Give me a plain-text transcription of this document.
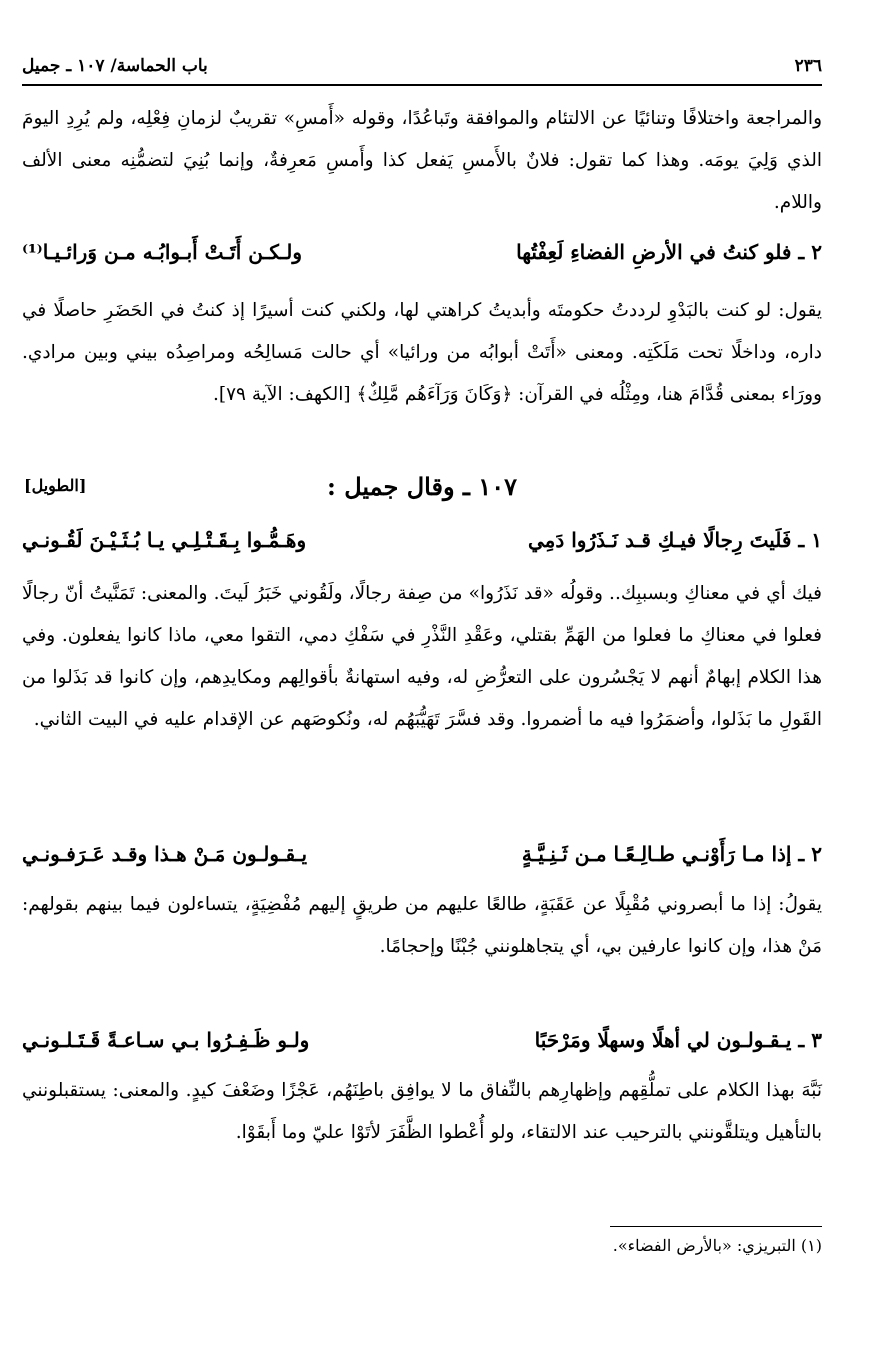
٢٣٦
باب الحماسة/ ١٠٧ ـ جميل
والمراجعة واختلافًا وتنائيًا عن الالتئام والموافقة وتَباعُدًا، وقوله «أَمسِ» تقريبٌ لزمانِ فِعْلِه، ولم يُرِدِ اليومَ الذي وَلِيَ يومَه. وهذا كما تقول: فلانٌ بالأَمسِ يَفعل كذا وأَمسِ مَعرِفةٌ، وإنما بُنِيَ لتضمُّنِه معنى الألف واللام.
٢ ـ فلو كنتُ في الأرضِ الفضاءِ لَعِفْتُها
ولـكـن أَتَـتْ أَبـوابُـه مـن وَرائـيـا⁽¹⁾
يقول: لو كنت بالبَدْوِ لرددتُ حكومتَه وأبديتُ كراهتي لها، ولكني كنت أسيرًا إذ كنتُ في الحَضَرِ حاصلًا في داره، وداخلًا تحت مَلَكَتِه. ومعنى «أَتَتْ أبوابُه من ورائيا» أي حالت مَسالِحُه ومراصِدُه بيني وبين مرادي. وورَاء بمعنى قُدَّامَ هنا، ومِثْلُه في القرآن: ﴿وَكَانَ وَرَآءَهُم مَّلِكٌ﴾ [الكهف: الآية ٧٩].
١٠٧ ـ وقال جميل :
[الطويل]
١ ـ فَلَيتَ رِجالًا فيـكِ قـد نَـذَرُوا دَمِي
وهَـمُّـوا بِـقَـتْـلِـي يـا بُـثَـيْـنَ لَقُـونـي
فيك أي في معناكِ وبسببِك.. وقولُه «قد نَذَرُوا» من صِفة رجالًا، ولَقُوني خَبَرُ لَيتَ. والمعنى: تَمَنَّيتُ أنّ رجالًا فعلوا في معناكِ ما فعلوا من الهَمِّ بقتلي، وعَقْدِ النَّذْرِ في سَفْكِ دمي، التقوا معي، ماذا كانوا يفعلون. وفي هذا الكلام إبهامٌ أنهم لا يَجْسُرون على التعرُّضِ له، وفيه استهانةٌ بأقوالِهم ومكايدِهم، وإن كانوا قد بَذَلوا من القَولِ ما بَذَلوا، وأضمَرُوا فيه ما أضمروا. وقد فسَّرَ تَهَيُّبَهُم له، ونُكوصَهم عن الإقدام عليه في البيت الثاني.
٢ ـ إذا مـا رَأَوْنـي طـالِـعًـا مـن ثَـنِـيَّـةٍ
يـقـولـون مَـنْ هـذا وقـد عَـرَفـونـي
يقولُ: إذا ما أبصروني مُقْبِلًا عن عَقَبَةٍ، طالعًا عليهم من طريقٍ إليهم مُفْضِيَةٍ، يتساءلون فيما بينهم بقولهم: مَنْ هذا، وإن كانوا عارفين بي، أي يتجاهلونني جُبْنًا وإحجامًا.
٣ ـ يـقـولـون لي أهلًا وسهلًا ومَرْحَبًا
ولـو ظَـفِـرُوا بـي سـاعـةً قَـتَـلـونـي
نَبَّهَ بهذا الكلام على تملُّقِهم وإظهارِهم بالنِّفاق ما لا يوافِق باطِنَهُم، عَجْزًا وضَعْفَ كيدٍ. والمعنى: يستقبلونني بالتأهيل ويتلقَّونني بالترحيب عند الالتقاء، ولو أُعْطوا الظَّفَرَ لأتَوْا عليّ وما أَبقَوْا.
(١) التبريزي: «بالأرض الفضاء».
